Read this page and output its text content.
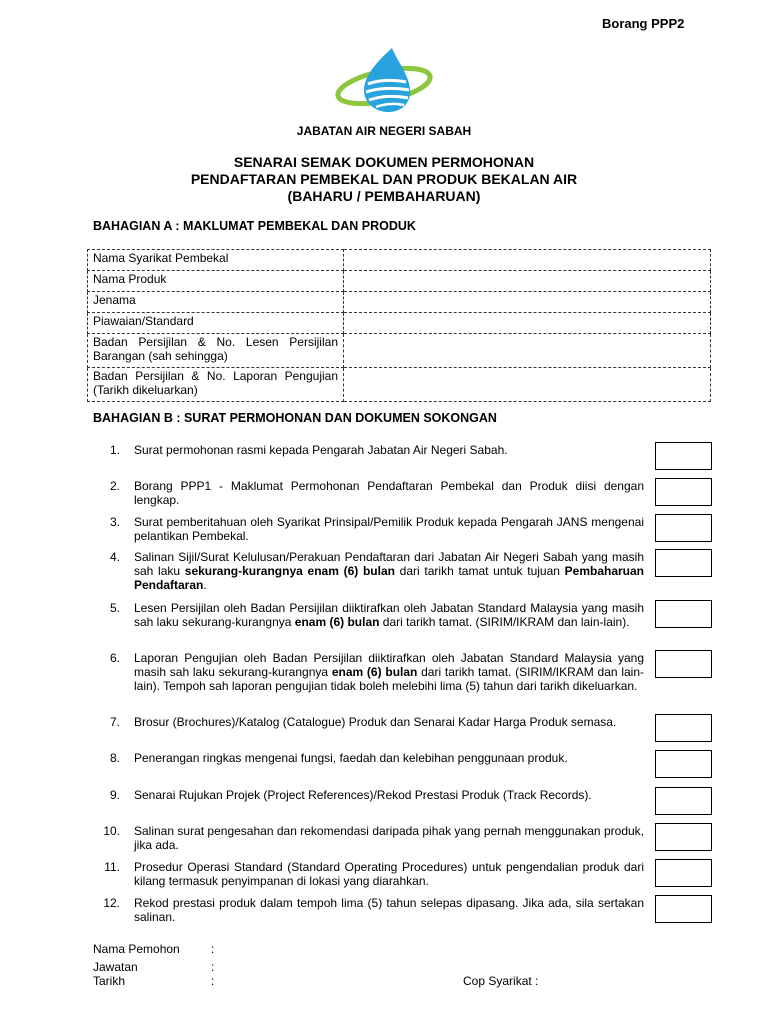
Borang PPP2
JABATAN AIR NEGERI SABAH
SENARAI SEMAK DOKUMEN PERMOHONAN
PENDAFTARAN PEMBEKAL DAN PRODUK BEKALAN AIR
(BAHARU / PEMBAHARUAN)
BAHAGIAN A : MAKLUMAT PEMBEKAL DAN PRODUK
Nama Syarikat Pembekal	
Nama Produk	
Jenama	
Piawaian/Standard	
Badan Persijilan & No. Lesen Persijilan Barangan (sah sehingga)	
Badan Persijilan & No. Laporan Pengujian (Tarikh dikeluarkan)	
BAHAGIAN B : SURAT PERMOHONAN DAN DOKUMEN SOKONGAN
1. Surat permohonan rasmi kepada Pengarah Jabatan Air Negeri Sabah.
2. Borang PPP1 - Maklumat Permohonan Pendaftaran Pembekal dan Produk diisi dengan lengkap.
3. Surat pemberitahuan oleh Syarikat Prinsipal/Pemilik Produk kepada Pengarah JANS mengenai pelantikan Pembekal.
4. Salinan Sijil/Surat Kelulusan/Perakuan Pendaftaran dari Jabatan Air Negeri Sabah yang masih sah laku sekurang-kurangnya enam (6) bulan dari tarikh tamat untuk tujuan Pembaharuan Pendaftaran.
5. Lesen Persijilan oleh Badan Persijilan diiktirafkan oleh Jabatan Standard Malaysia yang masih sah laku sekurang-kurangnya enam (6) bulan dari tarikh tamat. (SIRIM/IKRAM dan lain-lain).
6. Laporan Pengujian oleh Badan Persijilan diiktirafkan oleh Jabatan Standard Malaysia yang masih sah laku sekurang-kurangnya enam (6) bulan dari tarikh tamat. (SIRIM/IKRAM dan lain-lain). Tempoh sah laporan pengujian tidak boleh melebihi lima (5) tahun dari tarikh dikeluarkan.
7. Brosur (Brochures)/Katalog (Catalogue) Produk dan Senarai Kadar Harga Produk semasa.
8. Penerangan ringkas mengenai fungsi, faedah dan kelebihan penggunaan produk.
9. Senarai Rujukan Projek (Project References)/Rekod Prestasi Produk (Track Records).
10. Salinan surat pengesahan dan rekomendasi daripada pihak yang pernah menggunakan produk, jika ada.
11. Prosedur Operasi Standard (Standard Operating Procedures) untuk pengendalian produk dari kilang termasuk penyimpanan di lokasi yang diarahkan.
12. Rekod prestasi produk dalam tempoh lima (5) tahun selepas dipasang. Jika ada, sila sertakan salinan.
Nama Pemohon	:
Jawatan	:
Tarikh	:	Cop Syarikat :
